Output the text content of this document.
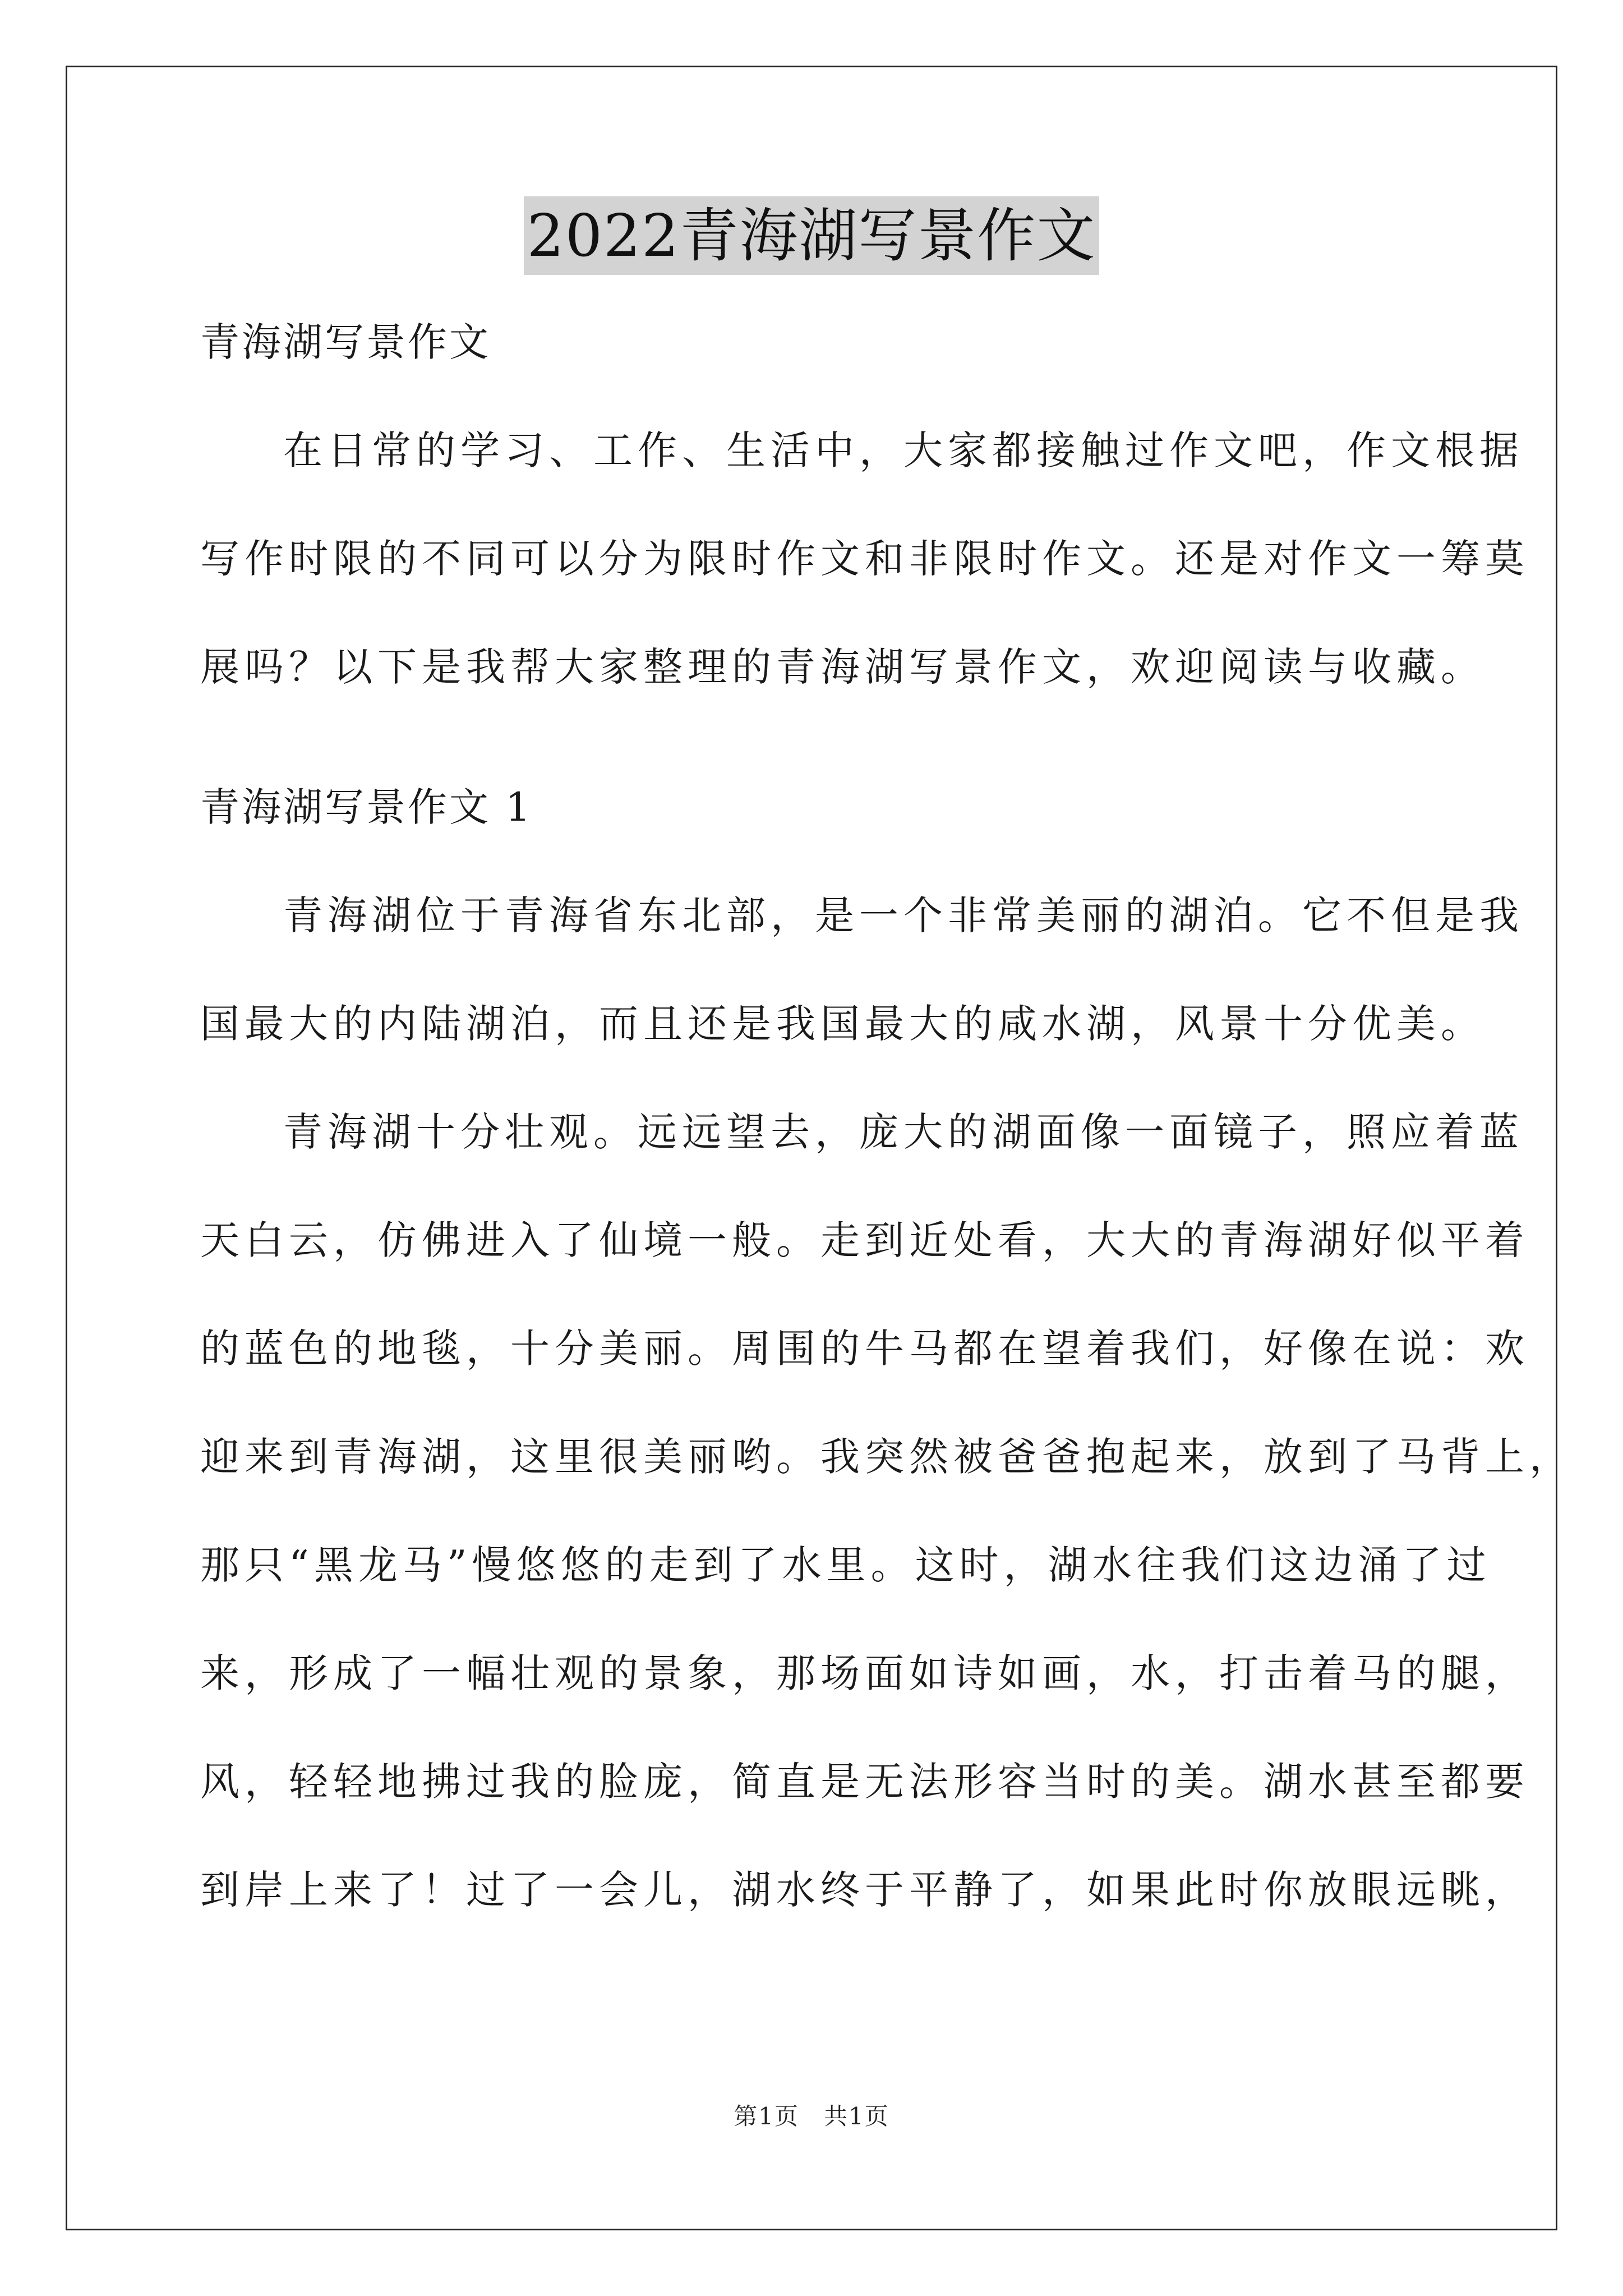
2022青海湖写景作文
青海湖写景作文
在日常的学习、工作、生活中，大家都接触过作文吧，作文根据
写作时限的不同可以分为限时作文和非限时作文。还是对作文一筹莫
展吗？以下是我帮大家整理的青海湖写景作文，欢迎阅读与收藏。
青海湖写景作文 1
青海湖位于青海省东北部，是一个非常美丽的湖泊。它不但是我
国最大的内陆湖泊，而且还是我国最大的咸水湖，风景十分优美。
青海湖十分壮观。远远望去，庞大的湖面像一面镜子，照应着蓝
天白云，仿佛进入了仙境一般。走到近处看，大大的青海湖好似平着
的蓝色的地毯，十分美丽。周围的牛马都在望着我们，好像在说：欢
迎来到青海湖，这里很美丽哟。我突然被爸爸抱起来，放到了马背上，
那只“黑龙马”慢悠悠的走到了水里。这时，湖水往我们这边涌了过
来，形成了一幅壮观的景象，那场面如诗如画，水，打击着马的腿，
风，轻轻地拂过我的脸庞，简直是无法形容当时的美。湖水甚至都要
到岸上来了！过了一会儿，湖水终于平静了，如果此时你放眼远眺，
第1页　共1页
